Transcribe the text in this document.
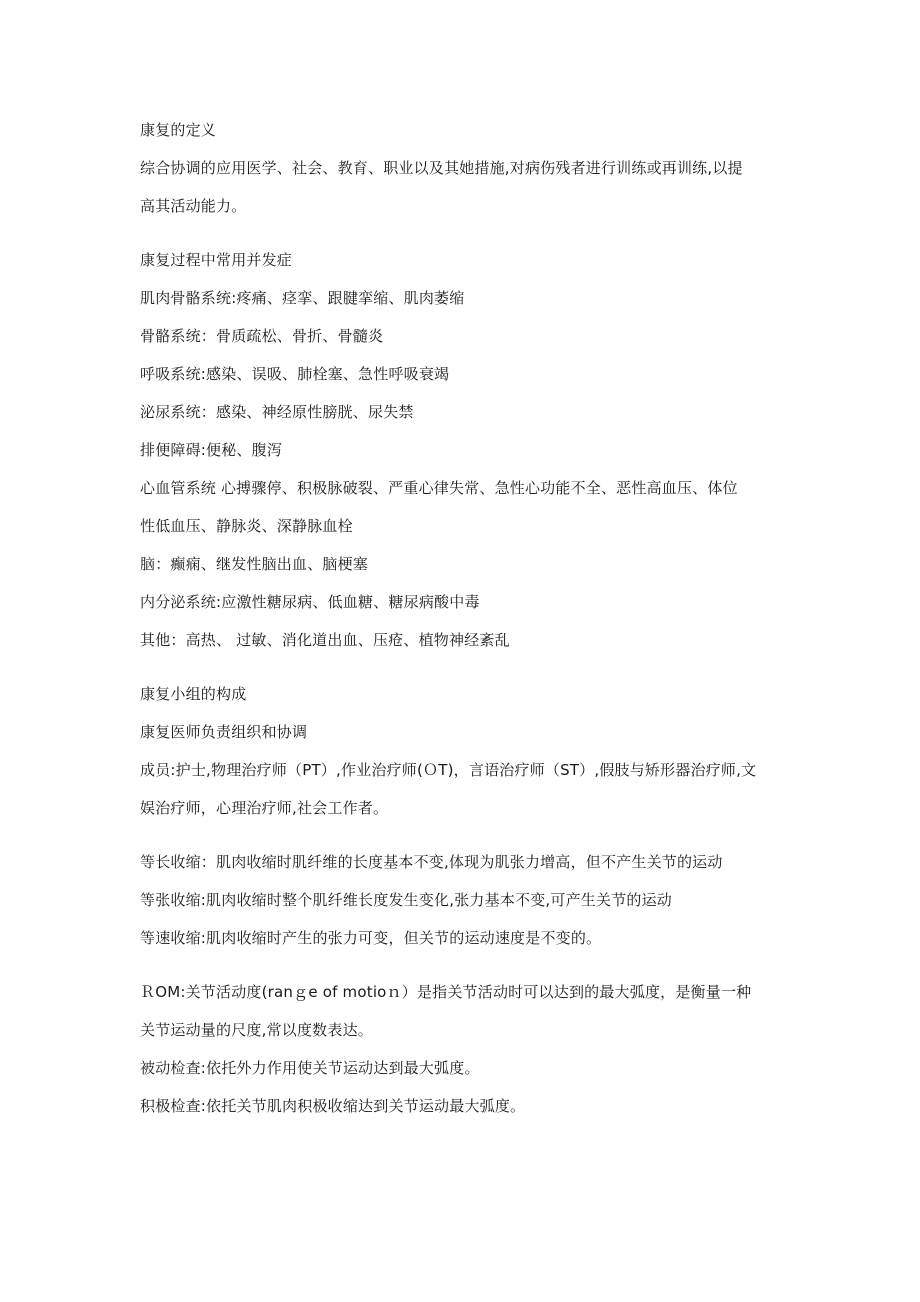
康复的定义
综合协调的应用医学、社会、教育、职业以及其她措施,对病伤残者进行训练或再训练,以提
高其活动能力。
康复过程中常用并发症
肌肉骨骼系统:疼痛、痉挛、跟腱挛缩、肌肉萎缩
骨骼系统：骨质疏松、骨折、骨髓炎
呼吸系统:感染、误吸、肺栓塞、急性呼吸衰竭
泌尿系统：感染、神经原性膀胱、尿失禁
排便障碍:便秘、腹泻
心血管系统 心搏骤停、积极脉破裂、严重心律失常、急性心功能不全、恶性高血压、体位
性低血压、静脉炎、深静脉血栓
脑：癫痫、继发性脑出血、脑梗塞
内分泌系统:应激性糖尿病、低血糖、糖尿病酸中毒
其他：高热、 过敏、消化道出血、压疮、植物神经紊乱
康复小组的构成
康复医师负责组织和协调
成员:护士,物理治疗师（PT）,作业治疗师(ＯT)，言语治疗师（ST）,假肢与矫形器治疗师,文
娱治疗师，心理治疗师,社会工作者。
等长收缩：肌肉收缩时肌纤维的长度基本不变,体现为肌张力增高，但不产生关节的运动
等张收缩:肌肉收缩时整个肌纤维长度发生变化,张力基本不变,可产生关节的运动
等速收缩:肌肉收缩时产生的张力可变，但关节的运动速度是不变的。
ＲOM:关节活动度(ranｇe of motioｎ）是指关节活动时可以达到的最大弧度，是衡量一种
关节运动量的尺度,常以度数表达。
被动检查:依托外力作用使关节运动达到最大弧度。
积极检查:依托关节肌肉积极收缩达到关节运动最大弧度。
